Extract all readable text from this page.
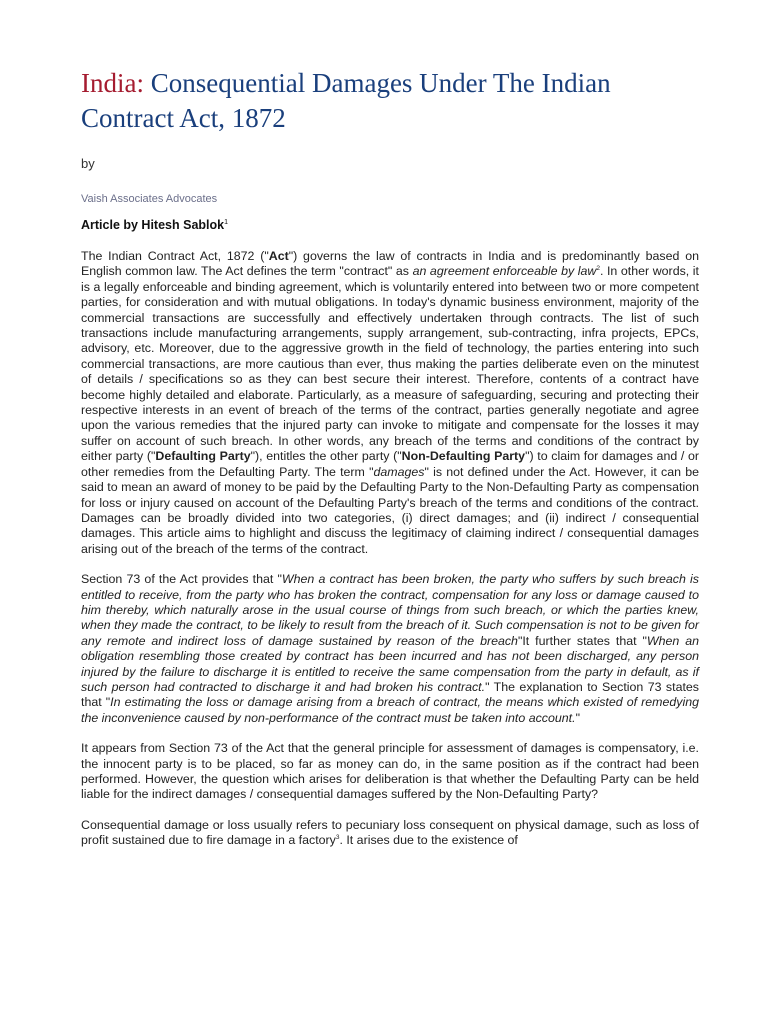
India: Consequential Damages Under The Indian Contract Act, 1872
by
Vaish Associates Advocates
Article by Hitesh Sablok$^1$

The Indian Contract Act, 1872 ("Act") governs the law of contracts in India and is predominantly based on English common law. The Act defines the term "contract" as an agreement enforceable by law$^2$. In other words, it is a legally enforceable and binding agreement, which is voluntarily entered into between two or more competent parties, for consideration and with mutual obligations. In today's dynamic business environment, majority of the commercial transactions are successfully and effectively undertaken through contracts. The list of such transactions include manufacturing arrangements, supply arrangement, sub-contracting, infra projects, EPCs, advisory, etc. Moreover, due to the aggressive growth in the field of technology, the parties entering into such commercial transactions, are more cautious than ever, thus making the parties deliberate even on the minutest of details / specifications so as they can best secure their interest. Therefore, contents of a contract have become highly detailed and elaborate. Particularly, as a measure of safeguarding, securing and protecting their respective interests in an event of breach of the terms of the contract, parties generally negotiate and agree upon the various remedies that the injured party can invoke to mitigate and compensate for the losses it may suffer on account of such breach. In other words, any breach of the terms and conditions of the contract by either party ("Defaulting Party"), entitles the other party ("Non-Defaulting Party") to claim for damages and / or other remedies from the Defaulting Party. The term "damages" is not defined under the Act. However, it can be said to mean an award of money to be paid by the Defaulting Party to the Non-Defaulting Party as compensation for loss or injury caused on account of the Defaulting Party's breach of the terms and conditions of the contract. Damages can be broadly divided into two categories, (i) direct damages; and (ii) indirect / consequential damages. This article aims to highlight and discuss the legitimacy of claiming indirect / consequential damages arising out of the breach of the terms of the contract.

Section 73 of the Act provides that "When a contract has been broken, the party who suffers by such breach is entitled to receive, from the party who has broken the contract, compensation for any loss or damage caused to him thereby, which naturally arose in the usual course of things from such breach, or which the parties knew, when they made the contract, to be likely to result from the breach of it. Such compensation is not to be given for any remote and indirect loss of damage sustained by reason of the breach"It further states that "When an obligation resembling those created by contract has been incurred and has not been discharged, any person injured by the failure to discharge it is entitled to receive the same compensation from the party in default, as if such person had contracted to discharge it and had broken his contract." The explanation to Section 73 states that "In estimating the loss or damage arising from a breach of contract, the means which existed of remedying the inconvenience caused by non-performance of the contract must be taken into account."

It appears from Section 73 of the Act that the general principle for assessment of damages is compensatory, i.e. the innocent party is to be placed, so far as money can do, in the same position as if the contract had been performed. However, the question which arises for deliberation is that whether the Defaulting Party can be held liable for the indirect damages / consequential damages suffered by the Non-Defaulting Party?

Consequential damage or loss usually refers to pecuniary loss consequent on physical damage, such as loss of profit sustained due to fire damage in a factory$^3$. It arises due to the existence of
